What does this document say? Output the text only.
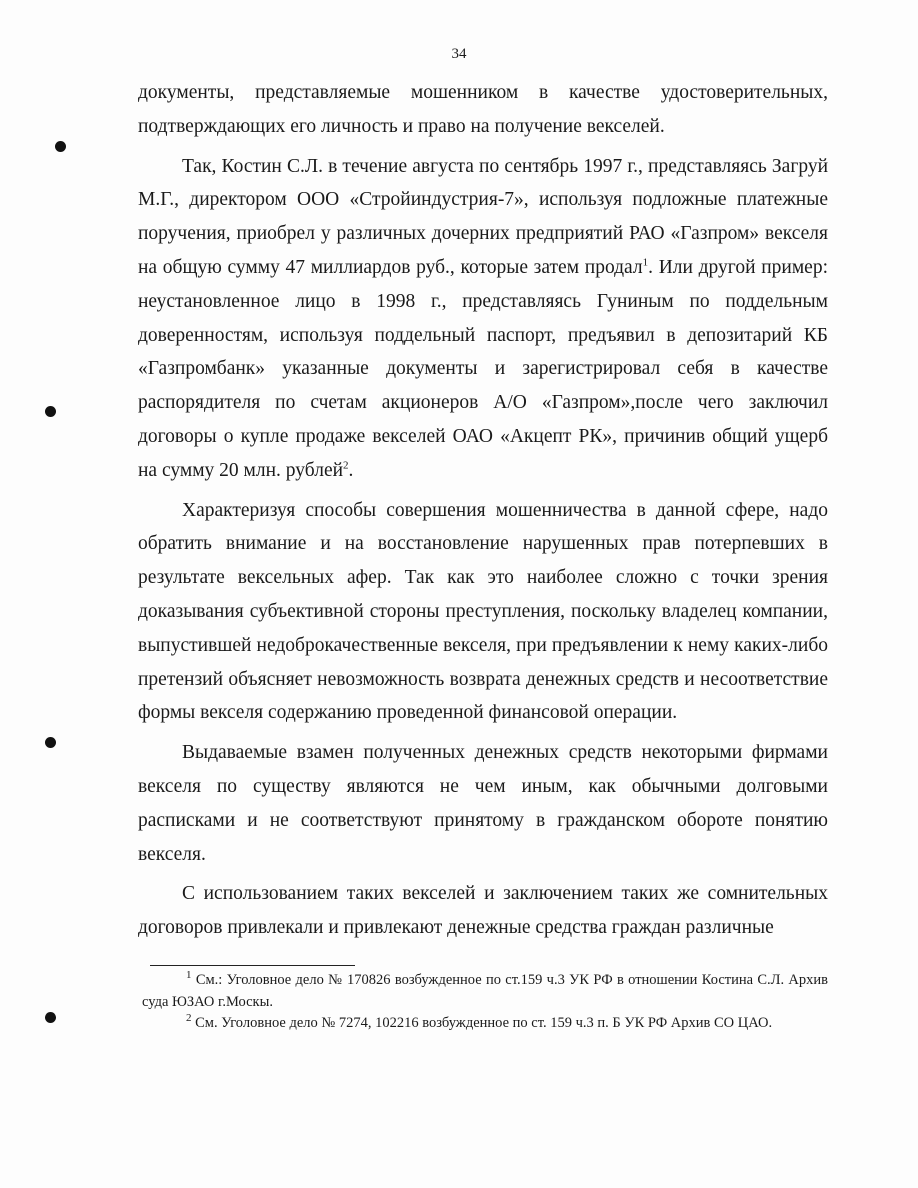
34

документы, представляемые мошенником в качестве удостоверительных, подтверждающих его личность и право на получение векселей.

Так, Костин С.Л. в течение августа по сентябрь 1997 г., представляясь Загруй М.Г., директором ООО «Стройиндустрия-7», используя подложные платежные поручения, приобрел у различных дочерних предприятий РАО «Газпром» векселя на общую сумму 47 миллиардов руб., которые затем продал$^1$. Или другой пример: неустановленное лицо в 1998 г., представляясь Гуниным по поддельным доверенностям, используя поддельный паспорт, предъявил в депозитарий КБ «Газпромбанк» указанные документы и зарегистрировал себя в качестве распорядителя по счетам акционеров А/О «Газпром»,после чего заключил договоры о купле продаже векселей ОАО «Акцепт РК», причинив общий ущерб на сумму 20 млн. рублей$^2$.

Характеризуя способы совершения мошенничества в данной сфере, надо обратить внимание и на восстановление нарушенных прав потерпевших в результате вексельных афер. Так как это наиболее сложно с точки зрения доказывания субъективной стороны преступления, поскольку владелец компании, выпустившей недоброкачественные векселя, при предъявлении к нему каких-либо претензий объясняет невозможность возврата денежных средств и несоответствие формы векселя содержанию проведенной финансовой операции.

Выдаваемые взамен полученных денежных средств некоторыми фирмами векселя по существу являются не чем иным, как обычными долговыми расписками и не соответствуют принятому в гражданском обороте понятию векселя.

С использованием таких векселей и заключением таких же сомнительных договоров привлекали и привлекают денежные средства граждан различные

$^1$ См.: Уголовное дело № 170826 возбужденное по ст.159 ч.3 УК РФ в отношении Костина С.Л. Архив суда ЮЗАО г.Москы.

$^2$ См. Уголовное дело № 7274, 102216 возбужденное по ст. 159 ч.3 п. Б УК РФ Архив СО ЦАО.
